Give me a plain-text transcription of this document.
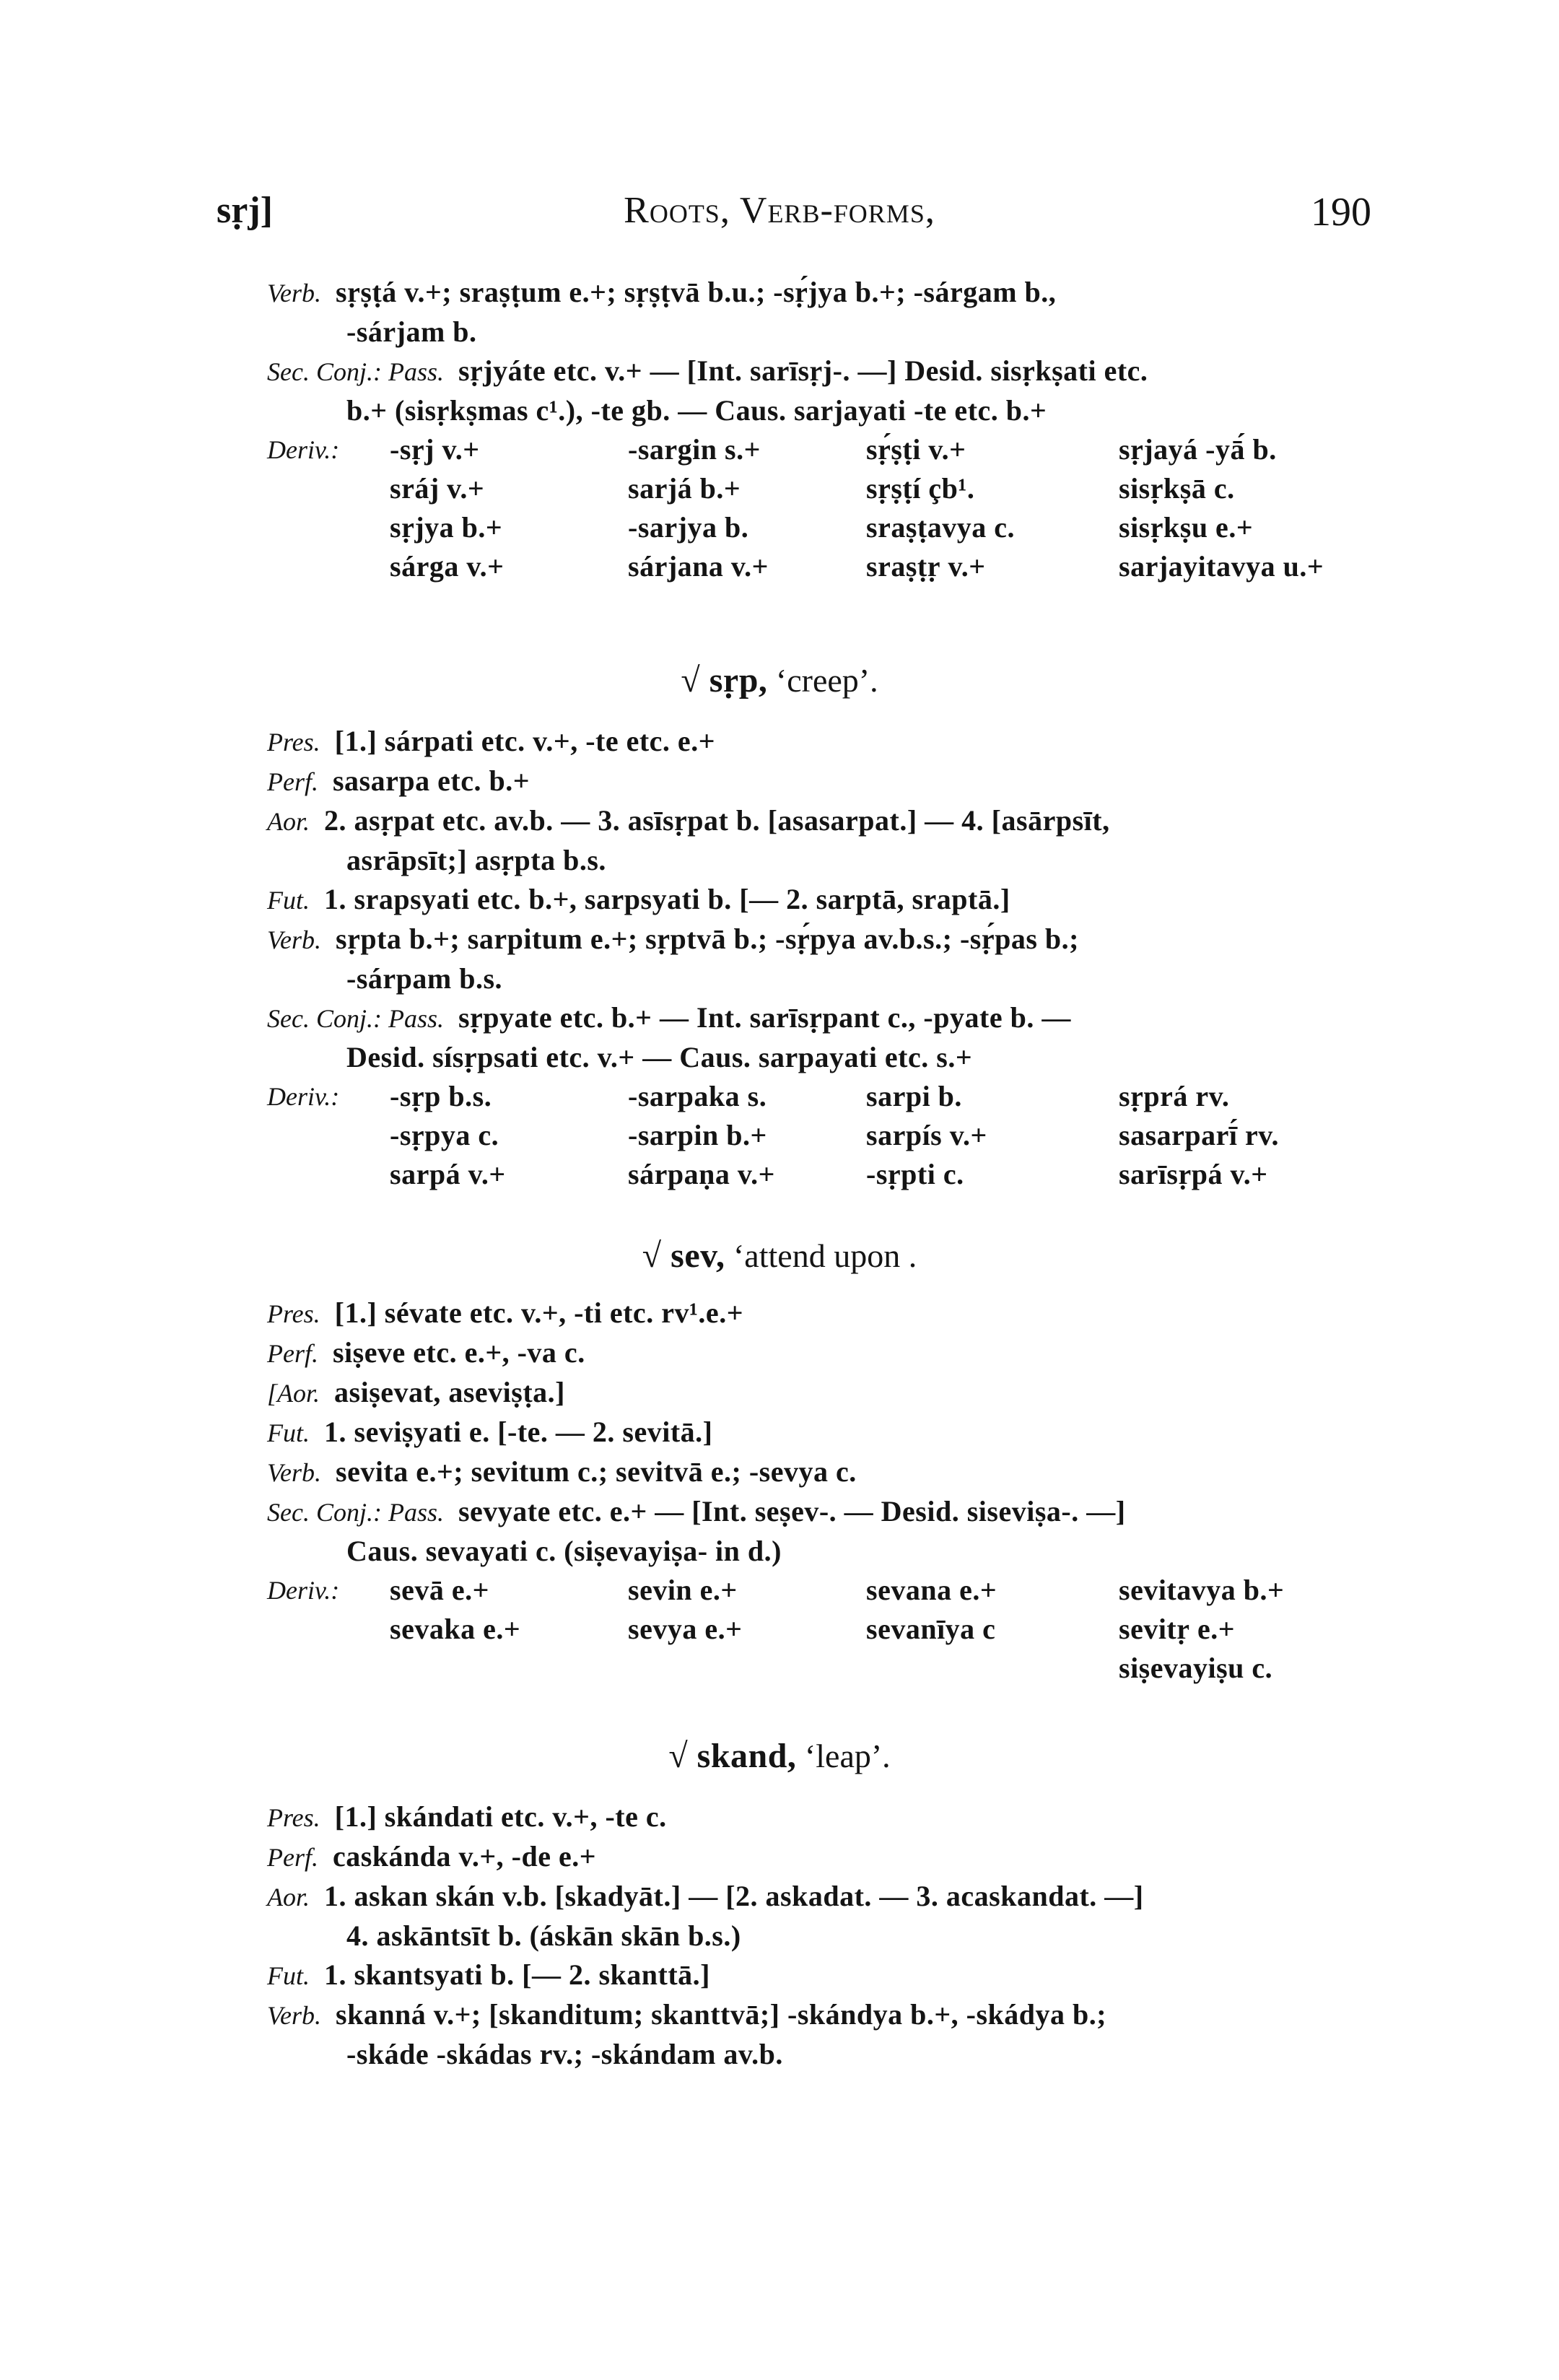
sṛj]	Roots, Verb-forms,	190
Verb. sṛṣṭá v.+; sraṣṭum e.+; sṛṣṭvā b.u.; -sṛ́jya b.+; -sárgam b.,
-sárjam b.
Sec. Conj.: Pass. sṛjyáte etc. v.+ — [Int. sarīsṛj-. —] Desid. sisṛkṣati etc.
b.+ (sisṛkṣmas c¹.), -te gb. — Caus. sarjayati -te etc. b.+
Deriv.: -sṛj v.+	-sargin s.+	sṛ́ṣṭi v.+	sṛjayá -yā́ b.
sráj v.+	sarjá b.+	sṛṣṭí çb¹.	sisṛkṣā c.
sṛjya b.+	-sarjya b.	sraṣṭavya c.	sisṛkṣu e.+
sárga v.+	sárjana v.+	sraṣṭṛ v.+	sarjayitavya u.+
√ sṛp, ‘creep’.
Pres. [1.] sárpati etc. v.+, -te etc. e.+
Perf. sasarpa etc. b.+
Aor. 2. asṛpat etc. av.b. — 3. asīsṛpat b. [asasarpat.] — 4. [asārpsīt,
asrāpsīt;] asṛpta b.s.
Fut. 1. srapsyati etc. b.+, sarpsyati b. [— 2. sarptā, sraptā.]
Verb. sṛpta b.+; sarpitum e.+; sṛptvā b.; -sṛ́pya av.b.s.; -sṛ́pas b.;
-sárpam b.s.
Sec. Conj.: Pass. sṛpyate etc. b.+ — Int. sarīsṛpant c., -pyate b. —
Desid. sísṛpsati etc. v.+ — Caus. sarpayati etc. s.+
Deriv.: -sṛp b.s.	-sarpaka s.	sarpi b.	sṛprá rv.
-sṛpya c.	-sarpin b.+	sarpís v.+	sasarparī́ rv.
sarpá v.+	sárpaṇa v.+	-sṛpti c.	sarīsṛpá v.+
√ sev, ‘attend upon .
Pres. [1.] sévate etc. v.+, -ti etc. rv¹.e.+
Perf. siṣeve etc. e.+, -va c.
[Aor. asiṣevat, aseviṣṭa.]
Fut. 1. seviṣyati e. [-te. — 2. sevitā.]
Verb. sevita e.+; sevitum c.; sevitvā e.; -sevya c.
Sec. Conj.: Pass. sevyate etc. e.+ — [Int. seṣev-. — Desid. siseviṣa-. —]
Caus. sevayati c. (siṣevayiṣa- in d.)
Deriv.: sevā e.+	sevin e.+	sevana e.+	sevitavya b.+
sevaka e.+	sevya e.+	sevanīya c	sevitṛ e.+
siṣevayiṣu c.
√ skand, ‘leap’.
Pres. [1.] skándati etc. v.+, -te c.
Perf. caskánda v.+, -de e.+
Aor. 1. askan skán v.b. [skadyāt.] — [2. askadat. — 3. acaskandat. —]
4. askāntsīt b. (áskān skān b.s.)
Fut. 1. skantsyati b. [— 2. skanttā.]
Verb. skanná v.+; [skanditum; skanttvā;] -skándya b.+, -skádya b.;
-skáde -skádas rv.; -skándam av.b.
